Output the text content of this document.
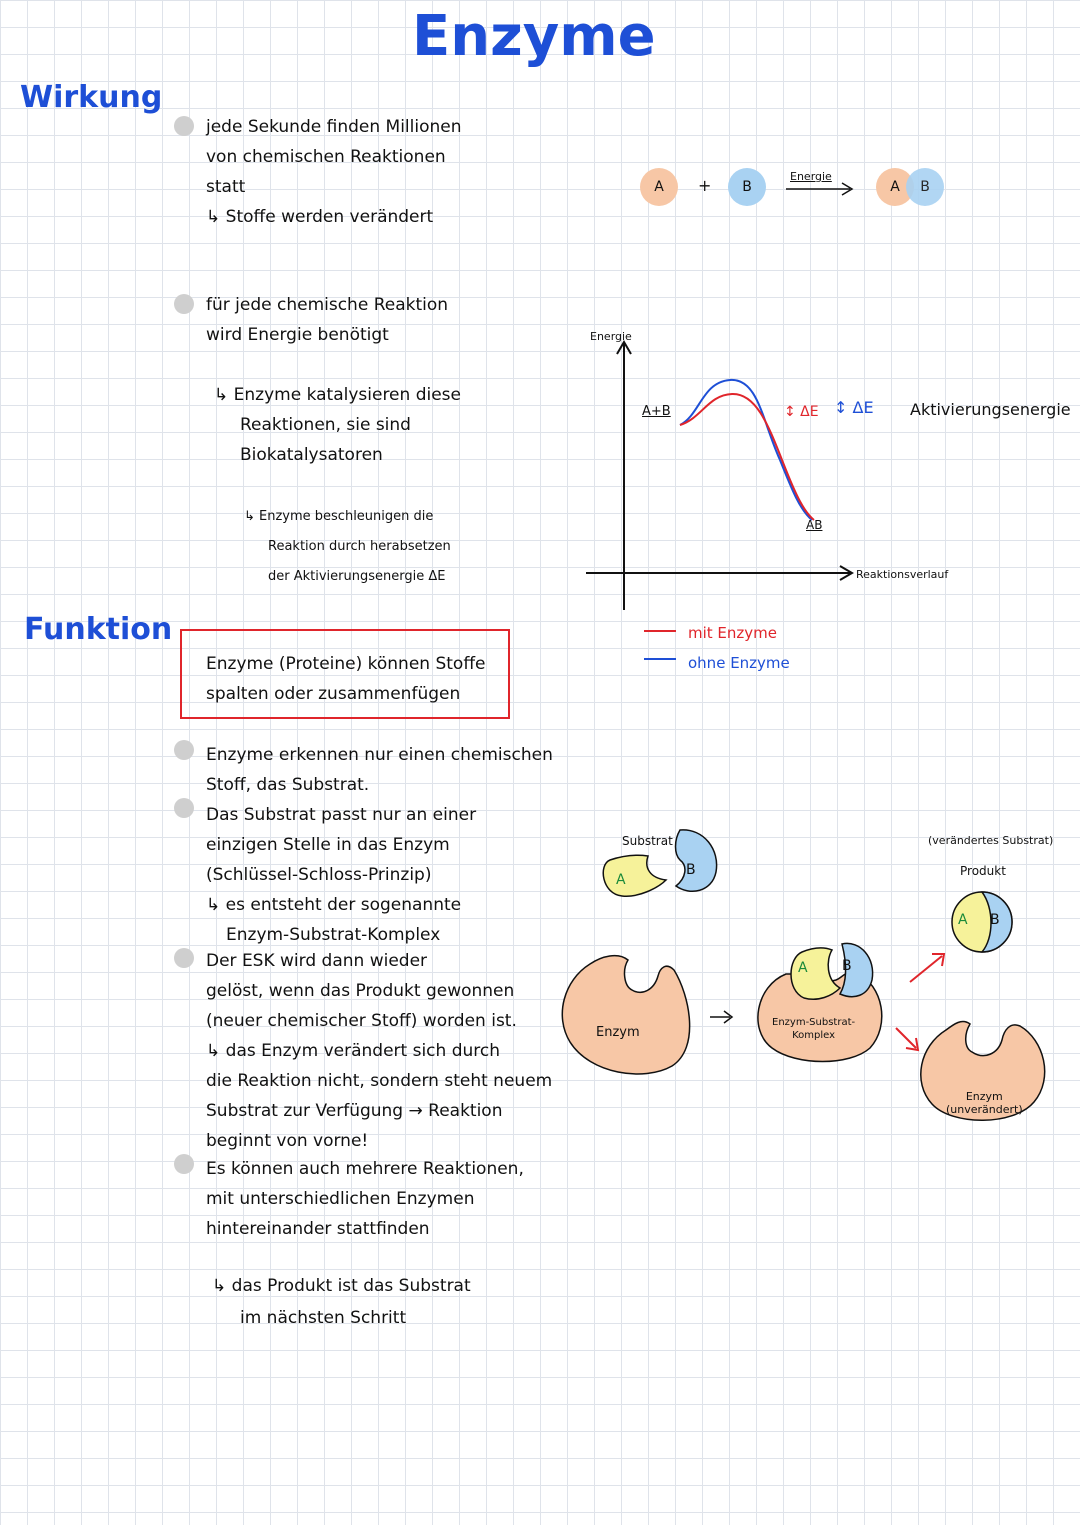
Enzyme
Wirkung
Funktion
jede Sekunde finden Millionen
von chemischen Reaktionen
statt
↳ Stoffe werden verändert
für jede chemische Reaktion
wird Energie benötigt
↳ Enzyme katalysieren diese
Reaktionen, sie sind
Biokatalysatoren
↳ Enzyme beschleunigen die
Reaktion durch herabsetzen
der Aktivierungsenergie ΔE
A + B
Energie
A B
Energie
Reaktionsverlauf
A+B
AB
↕ ΔE ↕ ΔE Aktivierungsenergie
mit Enzyme
ohne Enzyme
Enzyme (Proteine) können Stoffe
spalten oder zusammenfügen
Enzyme erkennen nur einen chemischen
Stoff, das Substrat.
Das Substrat passt nur an einer
einzigen Stelle in das Enzym
(Schlüssel-Schloss-Prinzip)
↳ es entsteht der sogenannte
Enzym-Substrat-Komplex
Der ESK wird dann wieder
gelöst, wenn das Produkt gewonnen
(neuer chemischer Stoff) worden ist.
↳ das Enzym verändert sich durch
die Reaktion nicht, sondern steht neuem
Substrat zur Verfügung → Reaktion
beginnt von vorne!
Es können auch mehrere Reaktionen,
mit unterschiedlichen Enzymen
hintereinander stattfinden
↳ das Produkt ist das Substrat
im nächsten Schritt
Substrat
A
B
Enzym
A B
Enzym-Substrat-
Komplex
(verändertes Substrat)
Produkt
A B
Enzym
(unverändert)
